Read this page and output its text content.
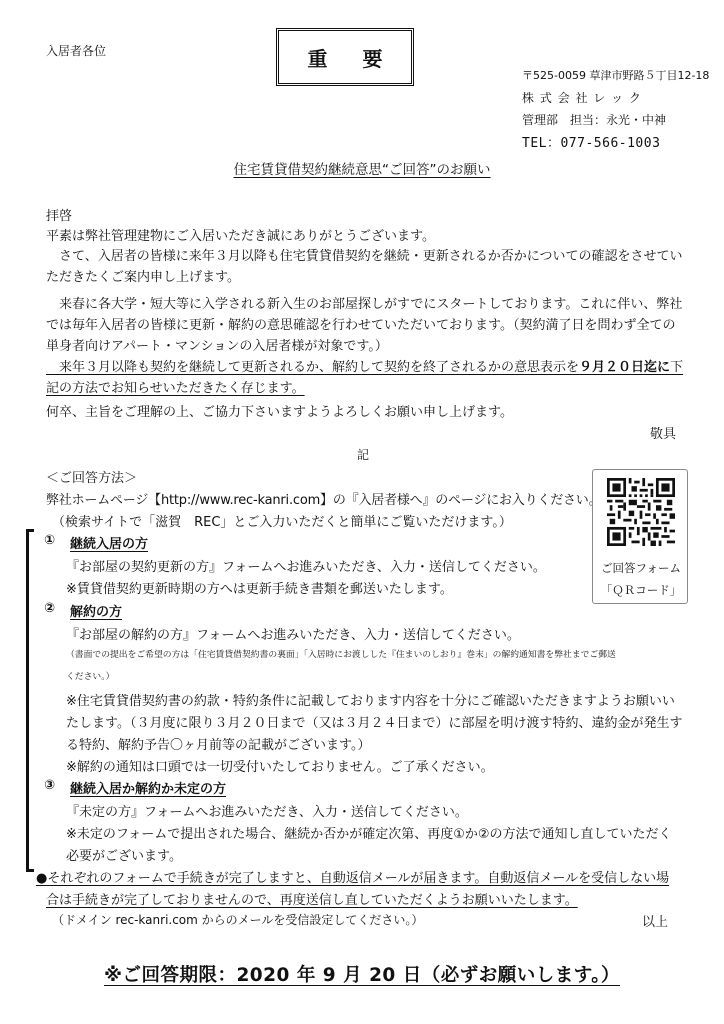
入居者各位	重 要
〒525-0059 草津市野路５丁目12-18
株 式 会 社 レ ッ ク
管理部　担当：永光・中神
TEL：077-566-1003
住宅賃貸借契約継続意思“ご回答”のお願い
拝啓
平素は弊社管理建物にご入居いただき誠にありがとうございます。
　さて、入居者の皆様に来年３月以降も住宅賃貸借契約を継続・更新されるか否かについての確認をさせてい
ただきたくご案内申し上げます。
　来春に各大学・短大等に入学される新入生のお部屋探しがすでにスタートしております。これに伴い、弊社
では毎年入居者の皆様に更新・解約の意思確認を行わせていただいております。（契約満了日を問わず全ての
単身者向けアパート・マンションの入居者様が対象です。）
　来年３月以降も契約を継続して更新されるか、解約して契約を終了されるかの意思表示を９月２０日迄に下
記の方法でお知らせいただきたく存じます。
何卒、主旨をご理解の上、ご協力下さいますようよろしくお願い申し上げます。
敬具
記
＜ご回答方法＞
弊社ホームページ【http://www.rec-kanri.com】の『入居者様へ』のページにお入りください。
（検索サイトで「滋賀　REC」とご入力いただくと簡単にご覧いただけます。）
ご回答フォーム
「ＱＲコード」
① 継続入居の方
『お部屋の契約更新の方』フォームへお進みいただき、入力・送信してください。
※賃貸借契約更新時期の方へは更新手続き書類を郵送いたします。
② 解約の方
『お部屋の解約の方』フォームへお進みいただき、入力・送信してください。
（書面での提出をご希望の方は「住宅賃貸借契約書の裏面」「入居時にお渡しした『住まいのしおり』巻末」の解約通知書を弊社までご郵送
ください。）
※住宅賃貸借契約書の約款・特約条件に記載しております内容を十分にご確認いただきますようお願いい
たします。（３月度に限り３月２０日まで（又は３月２４日まで）に部屋を明け渡す特約、違約金が発生す
る特約、解約予告〇ヶ月前等の記載がございます。）
※解約の通知は口頭では一切受付いたしておりません。ご了承ください。
③ 継続入居か解約か未定の方
『未定の方』フォームへお進みいただき、入力・送信してください。
※未定のフォームで提出された場合、継続か否かが確定次第、再度①か②の方法で通知し直していただく
必要がございます。
●それぞれのフォームで手続きが完了しますと、自動返信メールが届きます。自動返信メールを受信しない場
合は手続きが完了しておりませんので、再度送信し直していただくようお願いいたします。
（ドメイン rec-kanri.com からのメールを受信設定してください。）	以上
※ご回答期限：2020 年 9 月 20 日（必ずお願いします。）
